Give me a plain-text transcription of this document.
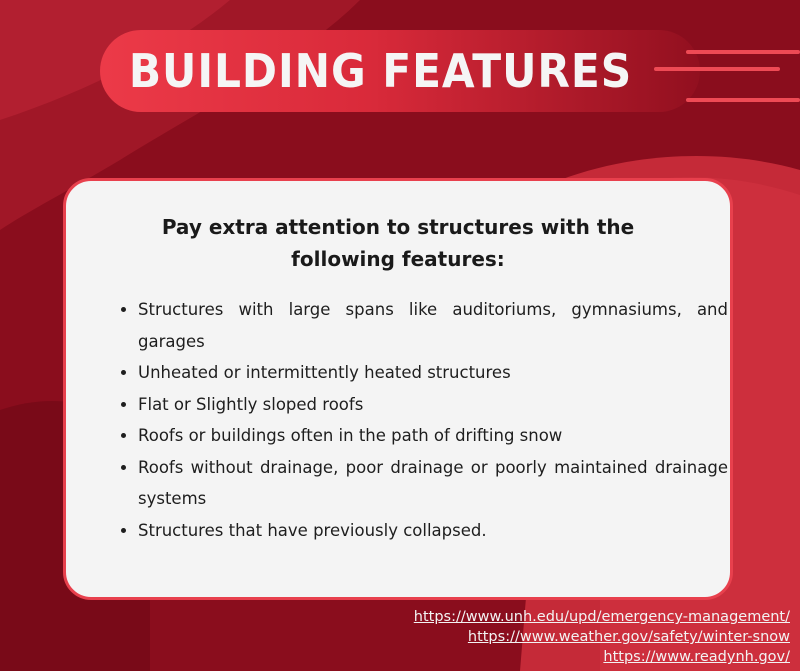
BUILDING FEATURES
Pay extra attention to structures with the
following features:
• Structures with large spans like auditoriums, gymnasiums, and garages
• Unheated or intermittently heated structures
• Flat or Slightly sloped roofs
• Roofs or buildings often in the path of drifting snow
• Roofs without drainage, poor drainage or poorly maintained drainage systems
• Structures that have previously collapsed.
https://www.unh.edu/upd/emergency-management/
https://www.weather.gov/safety/winter-snow
https://www.readynh.gov/
